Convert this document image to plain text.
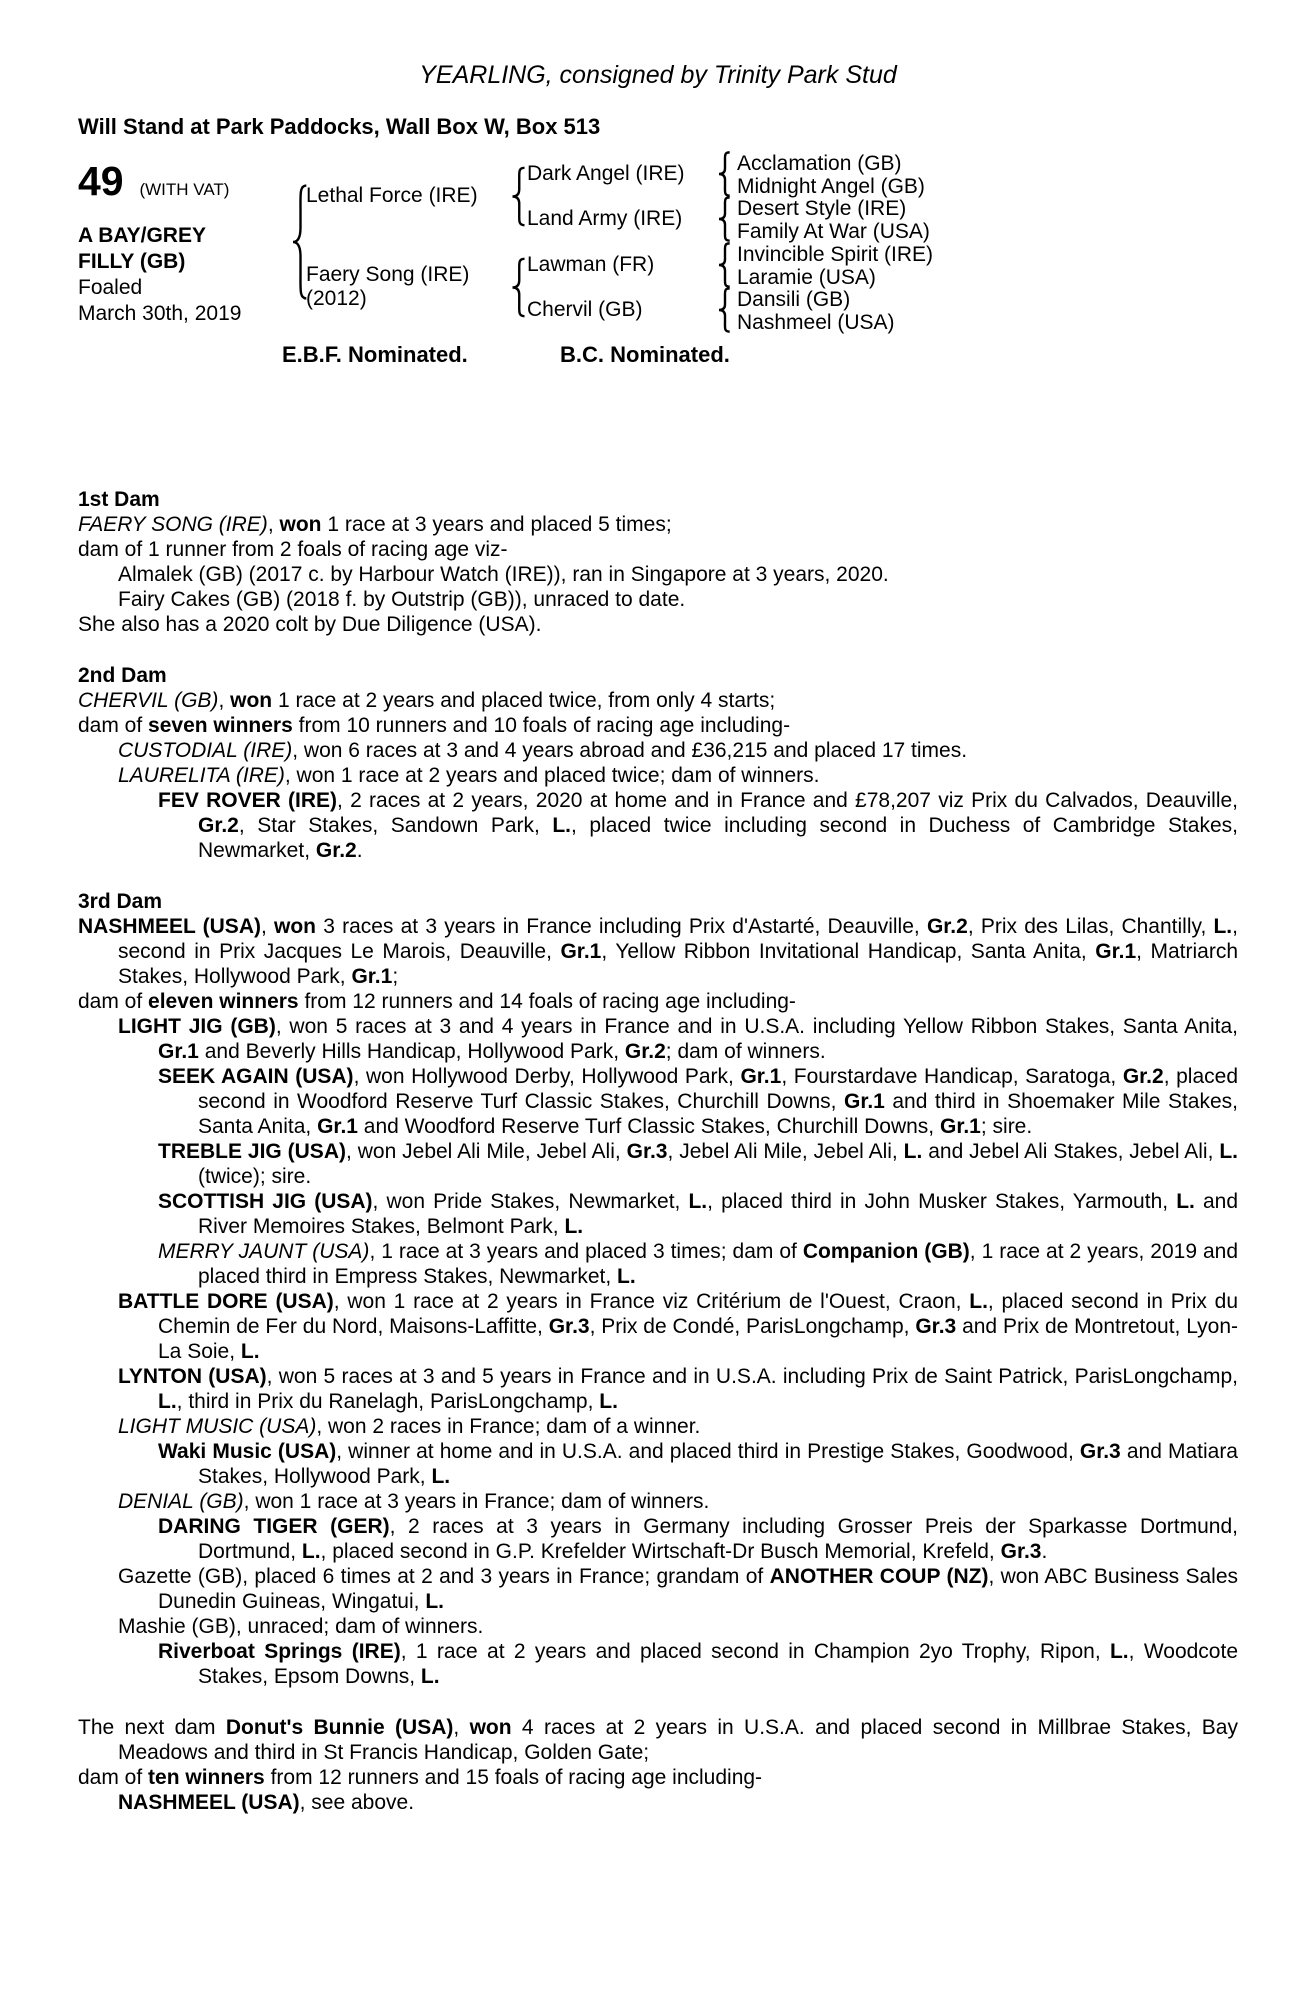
YEARLING, consigned by Trinity Park Stud
Will Stand at Park Paddocks, Wall Box W, Box 513
49 (WITH VAT)
A BAY/GREY
FILLY (GB)
Foaled
March 30th, 2019
Lethal Force (IRE)
Faery Song (IRE)
(2012)
Dark Angel (IRE)
Land Army (IRE)
Lawman (FR)
Chervil (GB)
Acclamation (GB)
Midnight Angel (GB)
Desert Style (IRE)
Family At War (USA)
Invincible Spirit (IRE)
Laramie (USA)
Dansili (GB)
Nashmeel (USA)
E.B.F. Nominated.	B.C. Nominated.
1st Dam

FAERY SONG (IRE), won 1 race at 3 years and placed 5 times;

dam of 1 runner from 2 foals of racing age viz-

Almalek (GB) (2017 c. by Harbour Watch (IRE)), ran in Singapore at 3 years, 2020.

Fairy Cakes (GB) (2018 f. by Outstrip (GB)), unraced to date.

She also has a 2020 colt by Due Diligence (USA).

2nd Dam

CHERVIL (GB), won 1 race at 2 years and placed twice, from only 4 starts;

dam of seven winners from 10 runners and 10 foals of racing age including-

CUSTODIAL (IRE), won 6 races at 3 and 4 years abroad and £36,215 and placed 17 times.

LAURELITA (IRE), won 1 race at 2 years and placed twice; dam of winners.

FEV ROVER (IRE), 2 races at 2 years, 2020 at home and in France and £78,207 viz Prix du Calvados, Deauville, Gr.2, Star Stakes, Sandown Park, L., placed twice including second in Duchess of Cambridge Stakes, Newmarket, Gr.2.

3rd Dam

NASHMEEL (USA), won 3 races at 3 years in France including Prix d'Astarté, Deauville, Gr.2, Prix des Lilas, Chantilly, L., second in Prix Jacques Le Marois, Deauville, Gr.1, Yellow Ribbon Invitational Handicap, Santa Anita, Gr.1, Matriarch Stakes, Hollywood Park, Gr.1;

dam of eleven winners from 12 runners and 14 foals of racing age including-

LIGHT JIG (GB), won 5 races at 3 and 4 years in France and in U.S.A. including Yellow Ribbon Stakes, Santa Anita, Gr.1 and Beverly Hills Handicap, Hollywood Park, Gr.2; dam of winners.

SEEK AGAIN (USA), won Hollywood Derby, Hollywood Park, Gr.1, Fourstardave Handicap, Saratoga, Gr.2, placed second in Woodford Reserve Turf Classic Stakes, Churchill Downs, Gr.1 and third in Shoemaker Mile Stakes, Santa Anita, Gr.1 and Woodford Reserve Turf Classic Stakes, Churchill Downs, Gr.1; sire.

TREBLE JIG (USA), won Jebel Ali Mile, Jebel Ali, Gr.3, Jebel Ali Mile, Jebel Ali, L. and Jebel Ali Stakes, Jebel Ali, L. (twice); sire.

SCOTTISH JIG (USA), won Pride Stakes, Newmarket, L., placed third in John Musker Stakes, Yarmouth, L. and River Memoires Stakes, Belmont Park, L.

MERRY JAUNT (USA), 1 race at 3 years and placed 3 times; dam of Companion (GB), 1 race at 2 years, 2019 and placed third in Empress Stakes, Newmarket, L.

BATTLE DORE (USA), won 1 race at 2 years in France viz Critérium de l'Ouest, Craon, L., placed second in Prix du Chemin de Fer du Nord, Maisons-Laffitte, Gr.3, Prix de Condé, ParisLongchamp, Gr.3 and Prix de Montretout, Lyon-La Soie, L.

LYNTON (USA), won 5 races at 3 and 5 years in France and in U.S.A. including Prix de Saint Patrick, ParisLongchamp, L., third in Prix du Ranelagh, ParisLongchamp, L.

LIGHT MUSIC (USA), won 2 races in France; dam of a winner.

Waki Music (USA), winner at home and in U.S.A. and placed third in Prestige Stakes, Goodwood, Gr.3 and Matiara Stakes, Hollywood Park, L.

DENIAL (GB), won 1 race at 3 years in France; dam of winners.

DARING TIGER (GER), 2 races at 3 years in Germany including Grosser Preis der Sparkasse Dortmund, Dortmund, L., placed second in G.P. Krefelder Wirtschaft-Dr Busch Memorial, Krefeld, Gr.3.

Gazette (GB), placed 6 times at 2 and 3 years in France; grandam of ANOTHER COUP (NZ), won ABC Business Sales Dunedin Guineas, Wingatui, L.

Mashie (GB), unraced; dam of winners.

Riverboat Springs (IRE), 1 race at 2 years and placed second in Champion 2yo Trophy, Ripon, L., Woodcote Stakes, Epsom Downs, L.

The next dam Donut's Bunnie (USA), won 4 races at 2 years in U.S.A. and placed second in Millbrae Stakes, Bay Meadows and third in St Francis Handicap, Golden Gate;

dam of ten winners from 12 runners and 15 foals of racing age including-

NASHMEEL (USA), see above.
